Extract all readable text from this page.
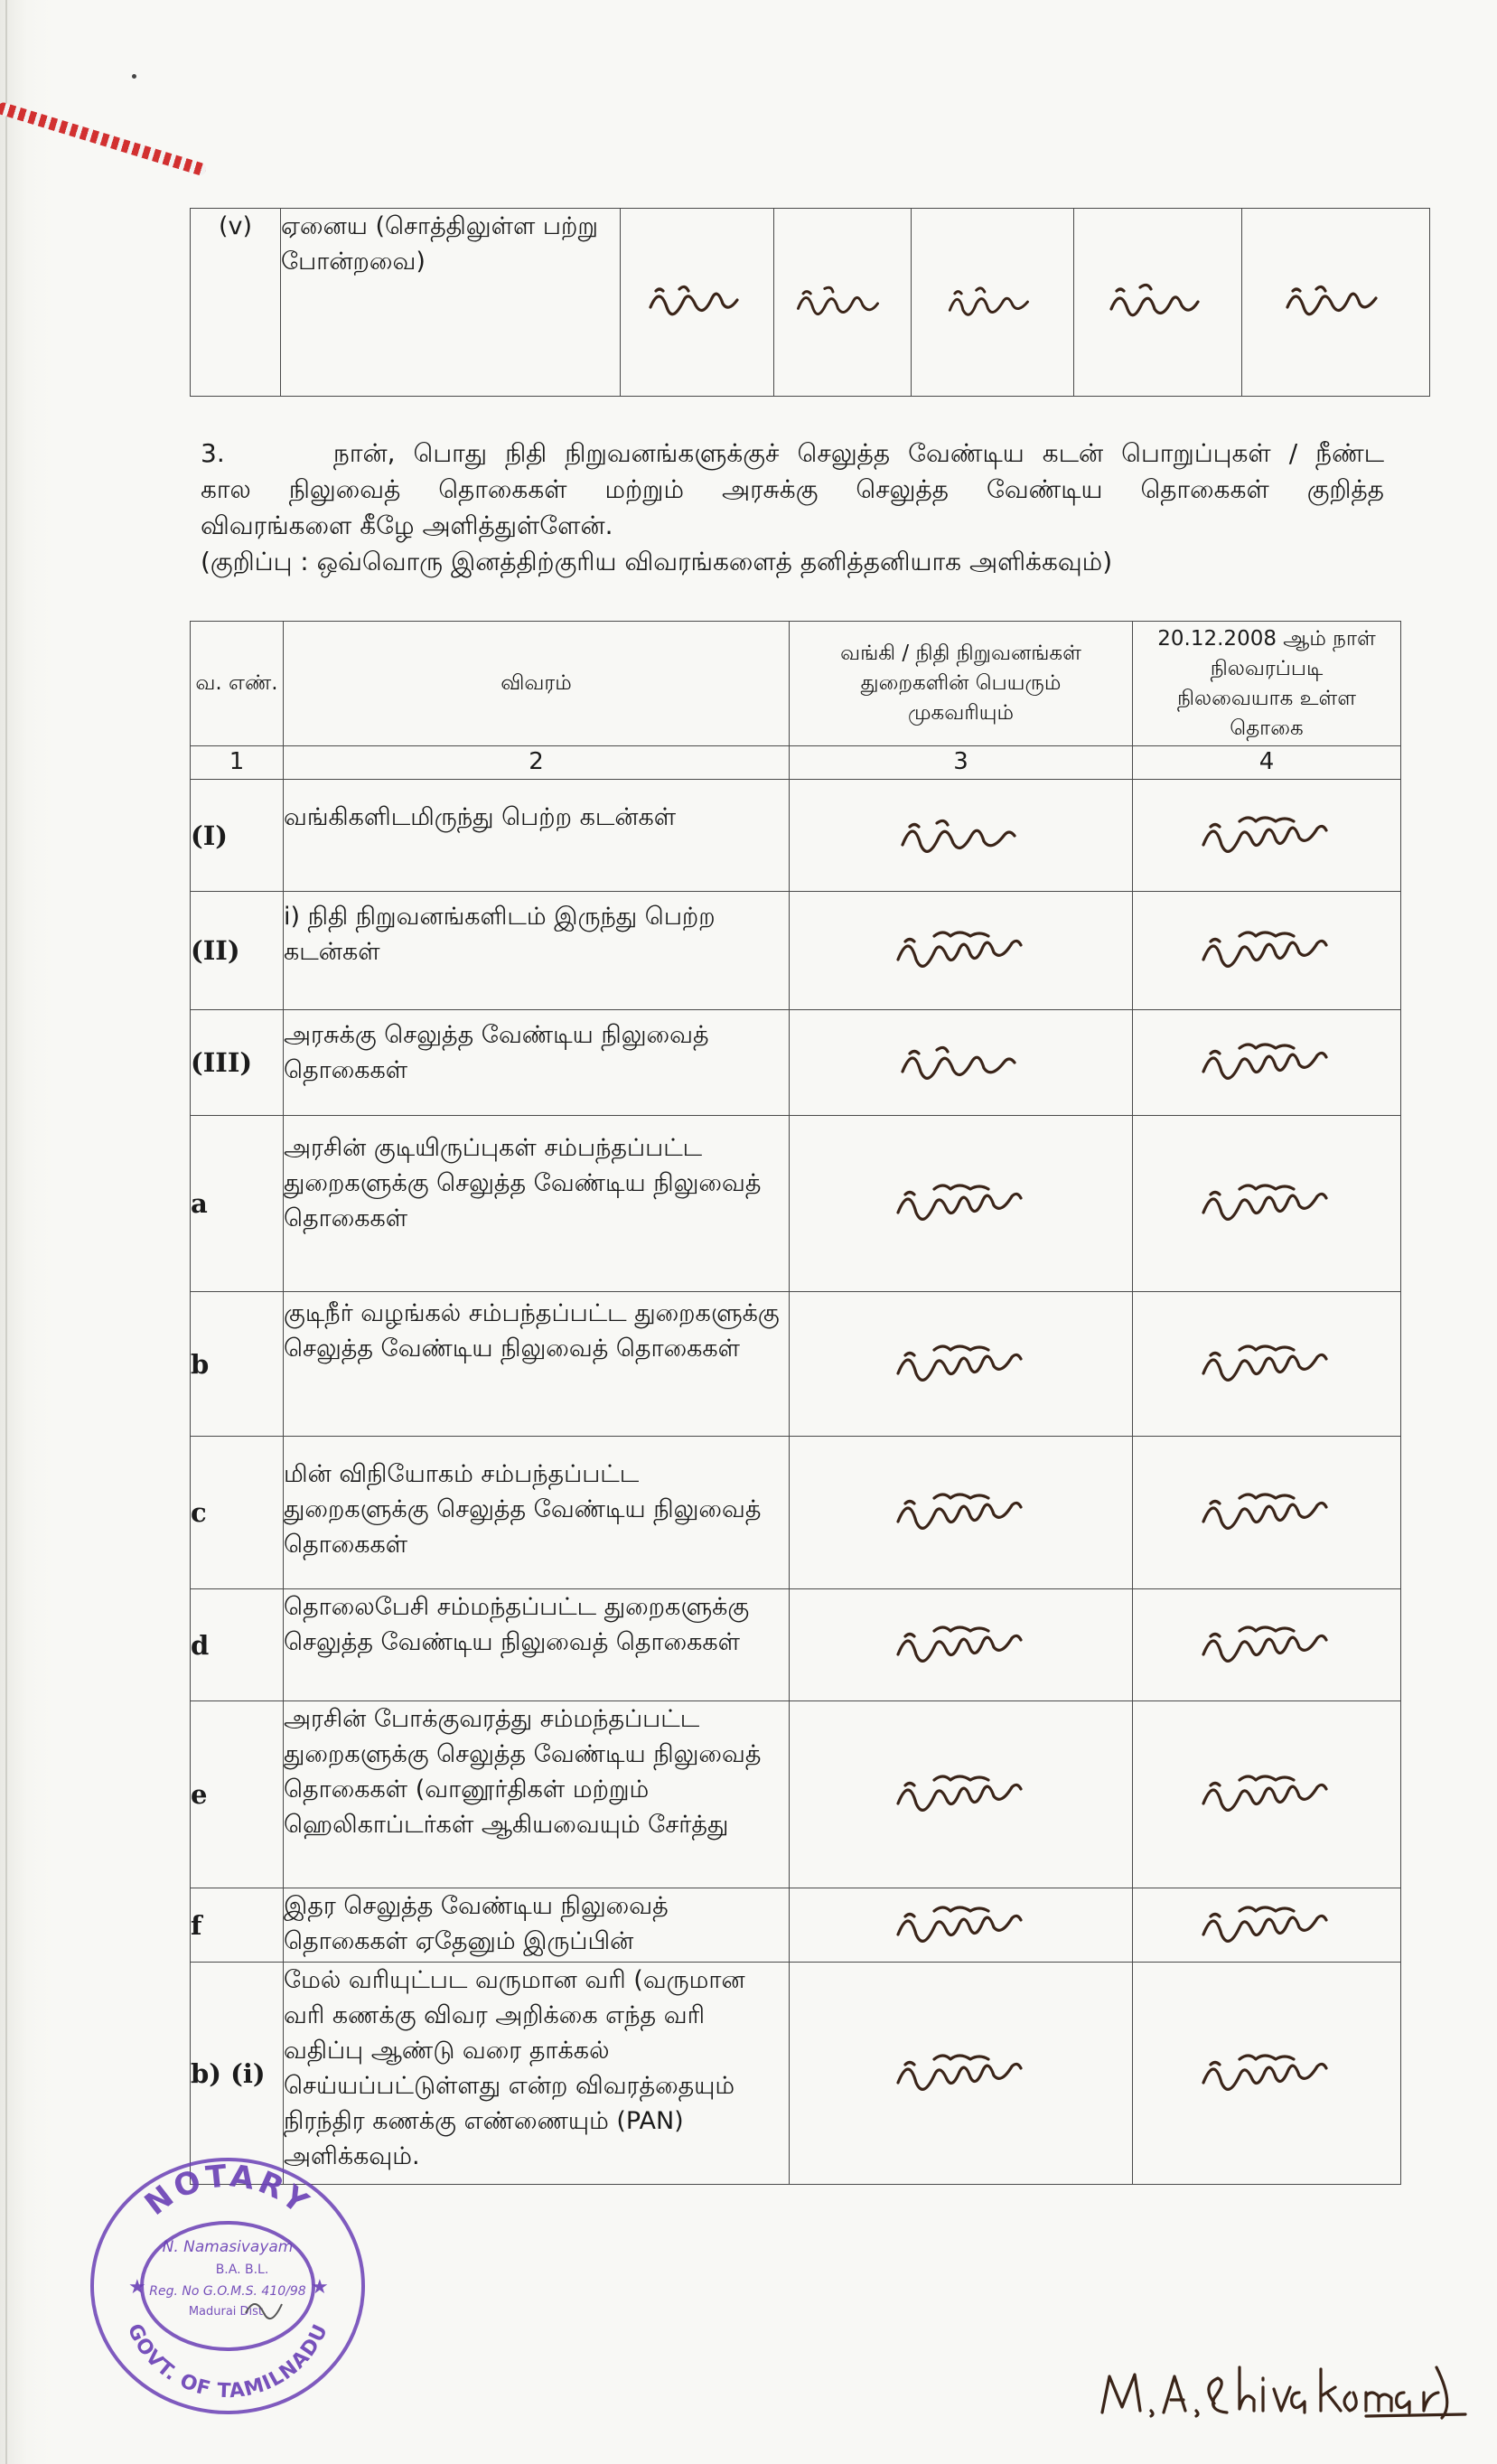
(v)	ஏனைய (சொத்திலுள்ள பற்று போன்றவை)	

3.	நான், பொது நிதி நிறுவனங்களுக்குச் செலுத்த வேண்டிய கடன் பொறுப்புகள் / நீண்ட
கால நிலுவைத் தொகைகள் மற்றும் அரசுக்கு செலுத்த வேண்டிய தொகைகள் குறித்த
விவரங்களை கீழே அளித்துள்ளேன்.
(குறிப்பு : ஒவ்வொரு இனத்திற்குரிய விவரங்களைத் தனித்தனியாக அளிக்கவும்)
வ. எண்.	விவரம்	வங்கி / நிதி நிறுவனங்கள் துறைகளின் பெயரும் முகவரியும்	20.12.2008 ஆம் நாள் நிலவரப்படி நிலவையாக உள்ள தொகை
1	2	3	4
(I)	வங்கிகளிடமிருந்து பெற்ற கடன்கள்	

(II)	i) நிதி நிறுவனங்களிடம் இருந்து பெற்ற கடன்கள்	

(III)	அரசுக்கு செலுத்த வேண்டிய நிலுவைத் தொகைகள்	

a	அரசின் குடியிருப்புகள் சம்பந்தப்பட்ட துறைகளுக்கு செலுத்த வேண்டிய நிலுவைத் தொகைகள்	

b	குடிநீர் வழங்கல் சம்பந்தப்பட்ட துறைகளுக்கு செலுத்த வேண்டிய நிலுவைத் தொகைகள்	

c	மின் விநியோகம் சம்பந்தப்பட்ட துறைகளுக்கு செலுத்த வேண்டிய நிலுவைத் தொகைகள்	

d	தொலைபேசி சம்மந்தப்பட்ட துறைகளுக்கு செலுத்த வேண்டிய நிலுவைத் தொகைகள்	

e	அரசின் போக்குவரத்து சம்மந்தப்பட்ட துறைகளுக்கு செலுத்த வேண்டிய நிலுவைத் தொகைகள் (வானூர்திகள் மற்றும் ஹெலிகாப்டர்கள் ஆகியவையும் சேர்த்து	

f	இதர செலுத்த வேண்டிய நிலுவைத் தொகைகள் ஏதேனும் இருப்பின்	

b) (i)	மேல் வரியுட்பட வருமான வரி (வருமான வரி கணக்கு விவர அறிக்கை எந்த வரி வதிப்பு ஆண்டு வரை தாக்கல் செய்யப்பட்டுள்ளது என்ற விவரத்தையும் நிரந்திர கணக்கு எண்ணையும் (PAN) அளிக்கவும்.	

NOTARY
GOVT. OF TAMILNADU
N. Namasivayam
B.A. B.L.
Reg. No G.O.M.S. 410/98
Madurai Dist.
★	★
